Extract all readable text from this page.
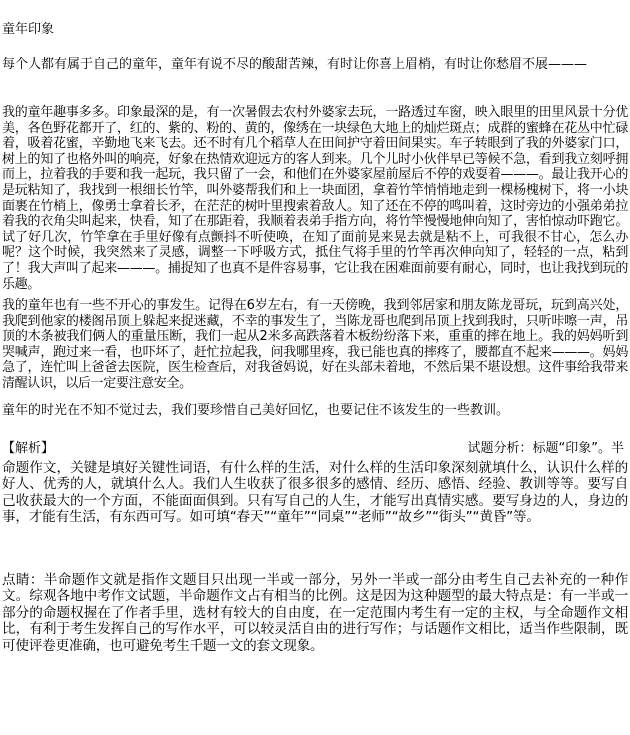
童年印象
每个人都有属于自己的童年，童年有说不尽的酸甜苦辣，有时让你喜上眉梢，有时让你愁眉不展———
我的童年趣事多多。印象最深的是，有一次暑假去农村外婆家去玩，一路透过车窗，映入眼里的田里风景十分优美，各色野花都开了，红的、紫的、粉的、黄的，像绣在一块绿色大地上的灿烂斑点；成群的蜜蜂在花丛中忙碌着，吸着花蜜，辛勤地飞来飞去。还不时有几个稻草人在田间护守着田间果实。车子转眼到了我的外婆家门口，树上的知了也格外叫的响亮，好象在热情欢迎远方的客人到来。几个儿时小伙伴早已等候不急，看到我立刻呼拥而上，拉着我的手要和我一起玩，我只留了一会，和他们在外婆家屋前屋后不停的戏耍着———。最让我开心的是玩粘知了，我找到一根细长竹竿，叫外婆帮我们和上一块面团，拿着竹竿悄悄地走到一棵杨槐树下，将一小块面裹在竹梢上，像勇士拿着长矛，在茫茫的树叶里搜索着敌人。知了还在不停的鸣叫着，这时旁边的小强弟弟拉着我的衣角尖叫起来，快看，知了在那距着，我顺着表弟手指方向，将竹竿慢慢地伸向知了，害怕惊动吓跑它。试了好几次，竹竿拿在手里好像有点颤抖不听使唤，在知了面前晃来晃去就是粘不上，可我很不甘心，怎么办呢？这个时候，我突然来了灵感，调整一下呼吸方式，抵住气将手里的竹竿再次伸向知了，轻轻的一点，粘到了！我大声叫了起来———。捕捉知了也真不是件容易事，它让我在困难面前要有耐心，同时，也让我找到玩的乐趣。
我的童年也有一些不开心的事发生。记得在6岁左右，有一天傍晚，我到邻居家和朋友陈龙哥玩，玩到高兴处，我爬到他家的楼阁吊顶上躲起来捉迷藏，不幸的事发生了，当陈龙哥也爬到吊顶上找到我时，只听咔嚓一声，吊顶的木条被我们俩人的重量压断，我们一起从2米多高跌落着木板纷纷落下来，重重的摔在地上。我的妈妈听到哭喊声，跑过来一看，也吓坏了，赶忙拉起我，问我哪里疼，我已能也真的摔疼了，腰都直不起来———。妈妈急了，连忙叫上爸爸去医院，医生检查后，对我爸妈说，好在头部未着地，不然后果不堪设想。这件事给我带来清醒认识，以后一定要注意安全。
童年的时光在不知不觉过去，我们要珍惜自己美好回忆，也要记住不该发生的一些教训。
【解析】	试题分析：标题“印象”。半
命题作文，关键是填好关键性词语，有什么样的生活，对什么样的生活印象深刻就填什么，认识什么样的好人、优秀的人，就填什么人。我们人生收获了很多很多的感情、经历、感悟、经验、教训等等。要写自己收获最大的一个方面，不能面面俱到。只有写自己的人生，才能写出真情实感。要写身边的人，身边的事，才能有生活，有东西可写。如可填“春天”“童年”“同桌”“老师”“故乡”“街头”“黄昏”等。
点睛：半命题作文就是指作文题目只出现一半或一部分，另外一半或一部分由考生自己去补充的一种作文。综观各地中考作文试题，半命题作文占有相当的比例。这是因为这种题型的最大特点是：有一半或一部分的命题权握在了作者手里，选材有较大的自由度，在一定范围内考生有一定的主权，与全命题作文相比，有利于考生发挥自己的写作水平，可以较灵活自由的进行写作；与话题作文相比，适当作些限制，既可使评卷更准确，也可避免考生千题一文的套文现象。
